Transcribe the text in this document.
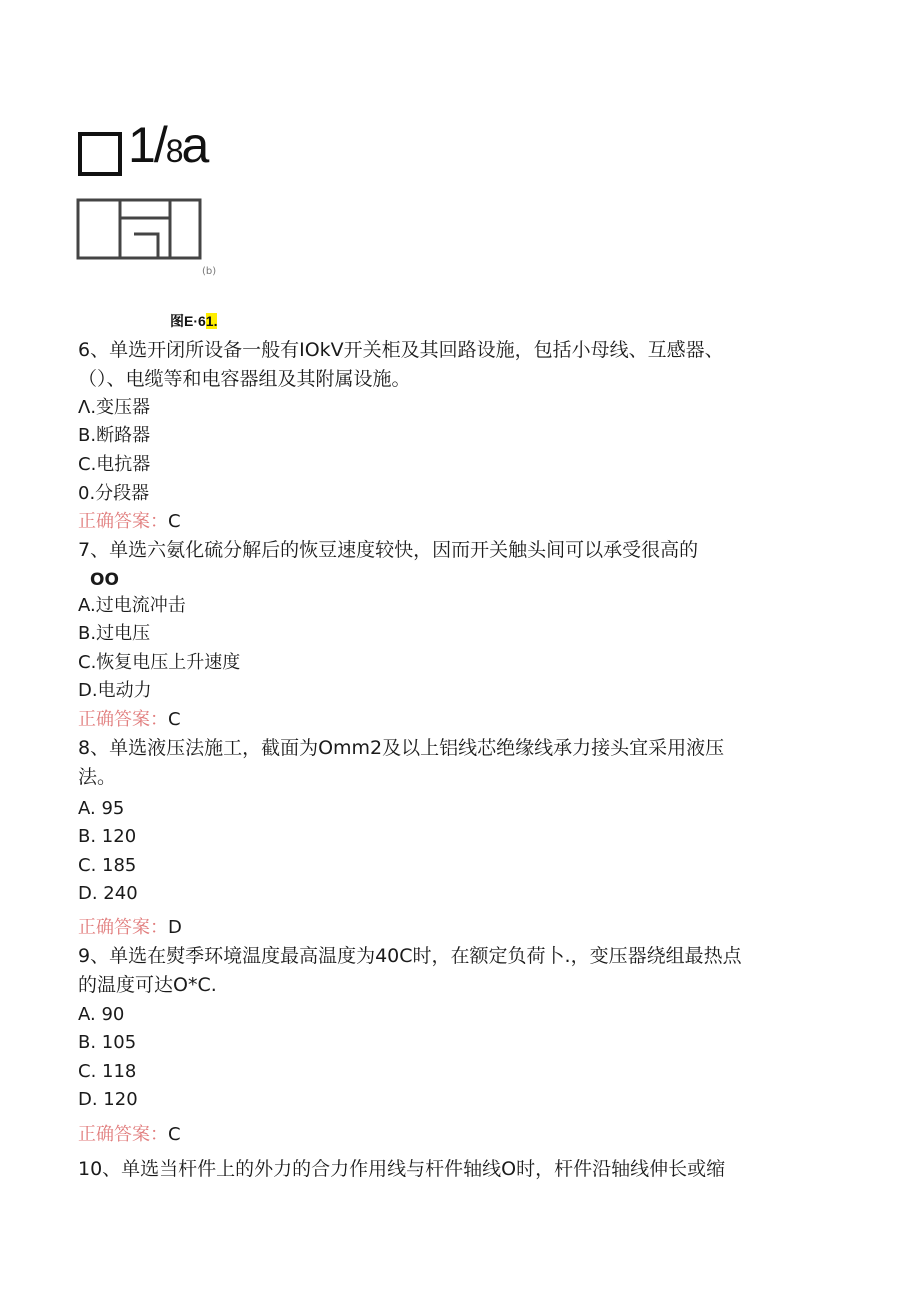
1/8a
(b)
图E·61.
6、单选开闭所设备一般有IOkV开关柜及其回路设施，包括小母线、互感器、
（）、电缆等和电容器组及其附属设施。
Λ.变压器
B.断路器
C.电抗器
0.分段器
正确答案：C
7、单选六氨化硫分解后的恢豆速度较快，因而开关触头间可以承受很高的
OO
A.过电流冲击
B.过电压
C.恢复电压上升速度
D.电动力
正确答案：C
8、单选液压法施工，截面为Omm2及以上铝线芯绝缘线承力接头宜采用液压
法。
A. 95
B. 120
C. 185
D. 240
正确答案：D
9、单选在熨季环境温度最高温度为40C时，在额定负荷卜.，变压器绕组最热点
的温度可达O*C.
A. 90
B. 105
C. 118
D. 120
正确答案：C
10、单选当杆件上的外力的合力作用线与杆件轴线O时，杆件沿轴线伸长或缩
